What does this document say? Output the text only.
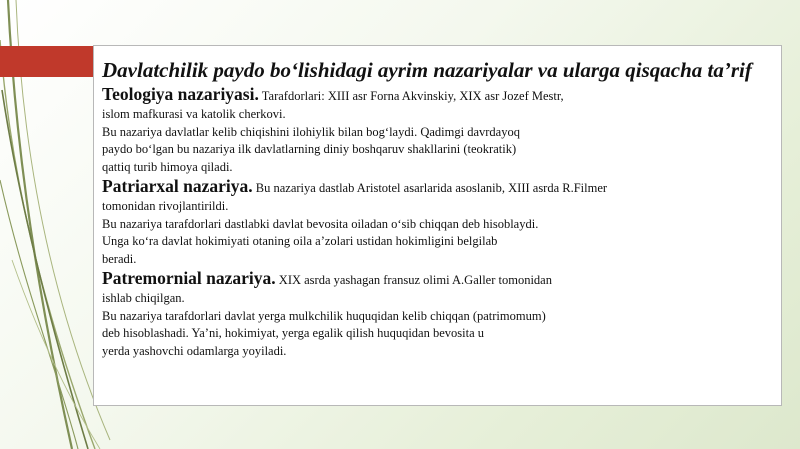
Davlatchilik paydo bo‘lishidagi ayrim nazariyalar va ularga qisqacha ta’rif

Teologiya nazariyasi. Tarafdorlari: XIII asr Forna Akvinskiy, XIX asr Jozef Mestr,

islom mafkurasi va katolik cherkovi.

Bu nazariya davlatlar kelib chiqishini ilohiylik bilan bog‘laydi. Qadimgi davrdayoq

paydo bo‘lgan bu nazariya ilk davlatlarning diniy boshqaruv shakllarini (teokratik)

qattiq turib himoya qiladi.

Patriarxal nazariya. Bu nazariya dastlab Aristotel asarlarida asoslanib, XIII asrda R.Filmer

tomonidan rivojlantirildi.

Bu nazariya tarafdorlari dastlabki davlat bevosita oiladan o‘sib chiqqan deb hisoblaydi.

Unga ko‘ra davlat hokimiyati otaning oila a’zolari ustidan hokimligini belgilab

beradi.

Patremornial nazariya. XIX asrda yashagan fransuz olimi A.Galler tomonidan

ishlab chiqilgan.

Bu nazariya tarafdorlari davlat yerga mulkchilik huquqidan kelib chiqqan (patrimomum)

deb hisoblashadi. Ya’ni, hokimiyat, yerga egalik qilish huquqidan bevosita u

yerda yashovchi odamlarga yoyiladi.
